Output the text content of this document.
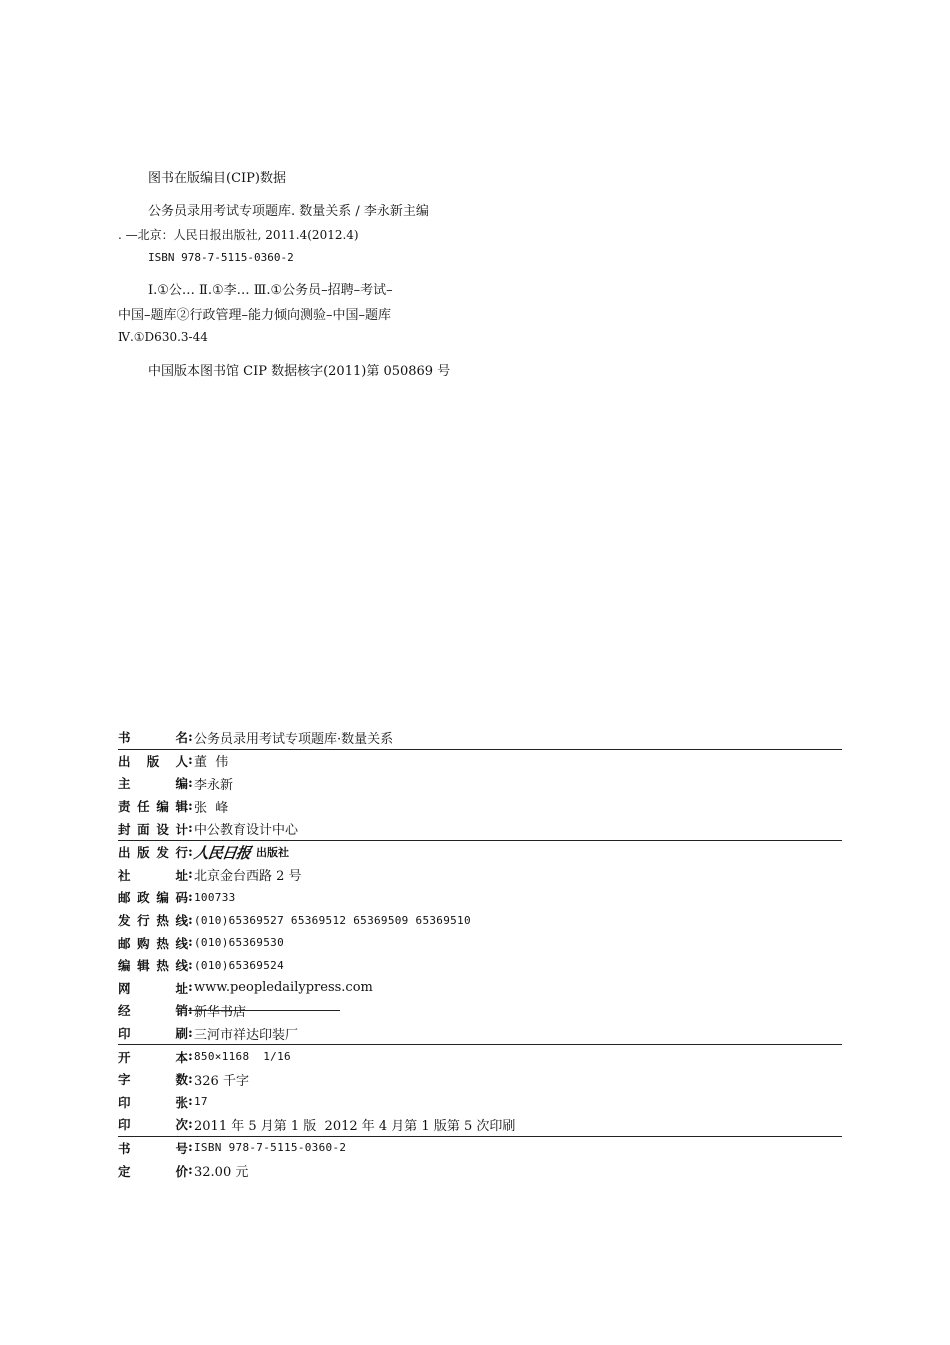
图书在版编目(CIP)数据
公务员录用考试专项题库. 数量关系 / 李永新主编
. —北京：人民日报出版社, 2011.4(2012.4)
ISBN 978-7-5115-0360-2
Ⅰ.①公… Ⅱ.①李… Ⅲ.①公务员–招聘–考试–
中国–题库②行政管理–能力倾向测验–中国–题库
Ⅳ.①D630.3-44
中国版本图书馆 CIP 数据核字(2011)第 050869 号
书	名 : 公务员录用考试专项题库·数量关系
出 版 人 : 董  伟
主	编 : 李永新
责 任 编 辑 : 张  峰
封 面 设 计 : 中公教育设计中心
出 版 发 行 : 人民日报 出版社
社	址 : 北京金台西路 2 号
邮 政 编 码 : 100733
发 行 热 线 : (010)65369527 65369512 65369509 65369510
邮 购 热 线 : (010)65369530
编 辑 热 线 : (010)65369524
网	址 : www.peopledailypress.com
经	销 : 新华书店
印	刷 : 三河市祥达印装厂
开	本 : 850×1168  1/16
字	数 : 326 千字
印	张 : 17
印	次 : 2011 年 5 月第 1 版  2012 年 4 月第 1 版第 5 次印刷
书	号 : ISBN 978-7-5115-0360-2
定	价 : 32.00 元
